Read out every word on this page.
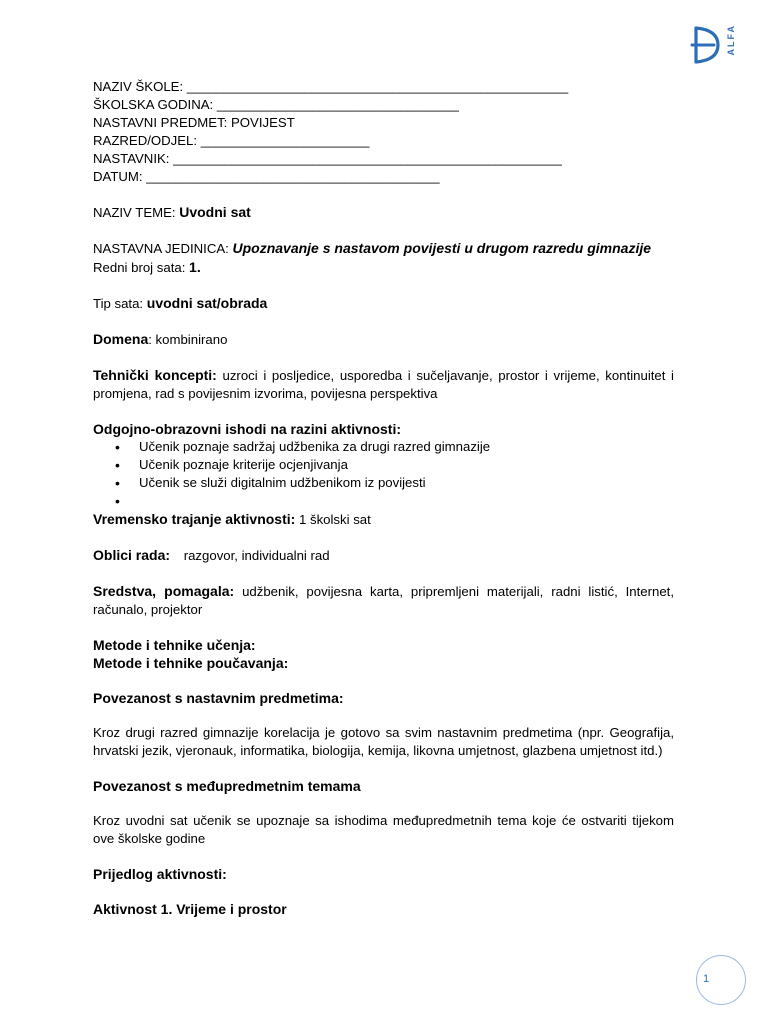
ALFA
NAZIV ŠKOLE: ____________________________________________________
ŠKOLSKA GODINA: _________________________________
NASTAVNI PREDMET: POVIJEST
RAZRED/ODJEL: _______________________
NASTAVNIK: _____________________________________________________
DATUM: ________________________________________
NAZIV TEME: Uvodni sat
NASTAVNA JEDINICA: Upoznavanje s nastavom povijesti u drugom razredu gimnazije
Redni broj sata: 1.
Tip sata: uvodni sat/obrada
Domena: kombinirano
Tehnički koncepti: uzroci i posljedice, usporedba i sučeljavanje, prostor i vrijeme, kontinuitet i promjena, rad s povijesnim izvorima, povijesna perspektiva
Odgojno-obrazovni ishodi na razini aktivnosti:
• Učenik poznaje sadržaj udžbenika za drugi razred gimnazije
• Učenik poznaje kriterije ocjenjivanja
• Učenik se služi digitalnim udžbenikom iz povijesti
•
Vremensko trajanje aktivnosti: 1 školski sat
Oblici rada: razgovor, individualni rad
Sredstva, pomagala: udžbenik, povijesna karta, pripremljeni materijali, radni listić, Internet, računalo, projektor
Metode i tehnike učenja:
Metode i tehnike poučavanja:
Povezanost s nastavnim predmetima:
Kroz drugi razred gimnazije korelacija je gotovo sa svim nastavnim predmetima (npr. Geografija, hrvatski jezik, vjeronauk, informatika, biologija, kemija, likovna umjetnost, glazbena umjetnost itd.)
Povezanost s međupredmetnim temama
Kroz uvodni sat učenik se upoznaje sa ishodima međupredmetnih tema koje će ostvariti tijekom ove školske godine
Prijedlog aktivnosti:
Aktivnost 1. Vrijeme i prostor
1
